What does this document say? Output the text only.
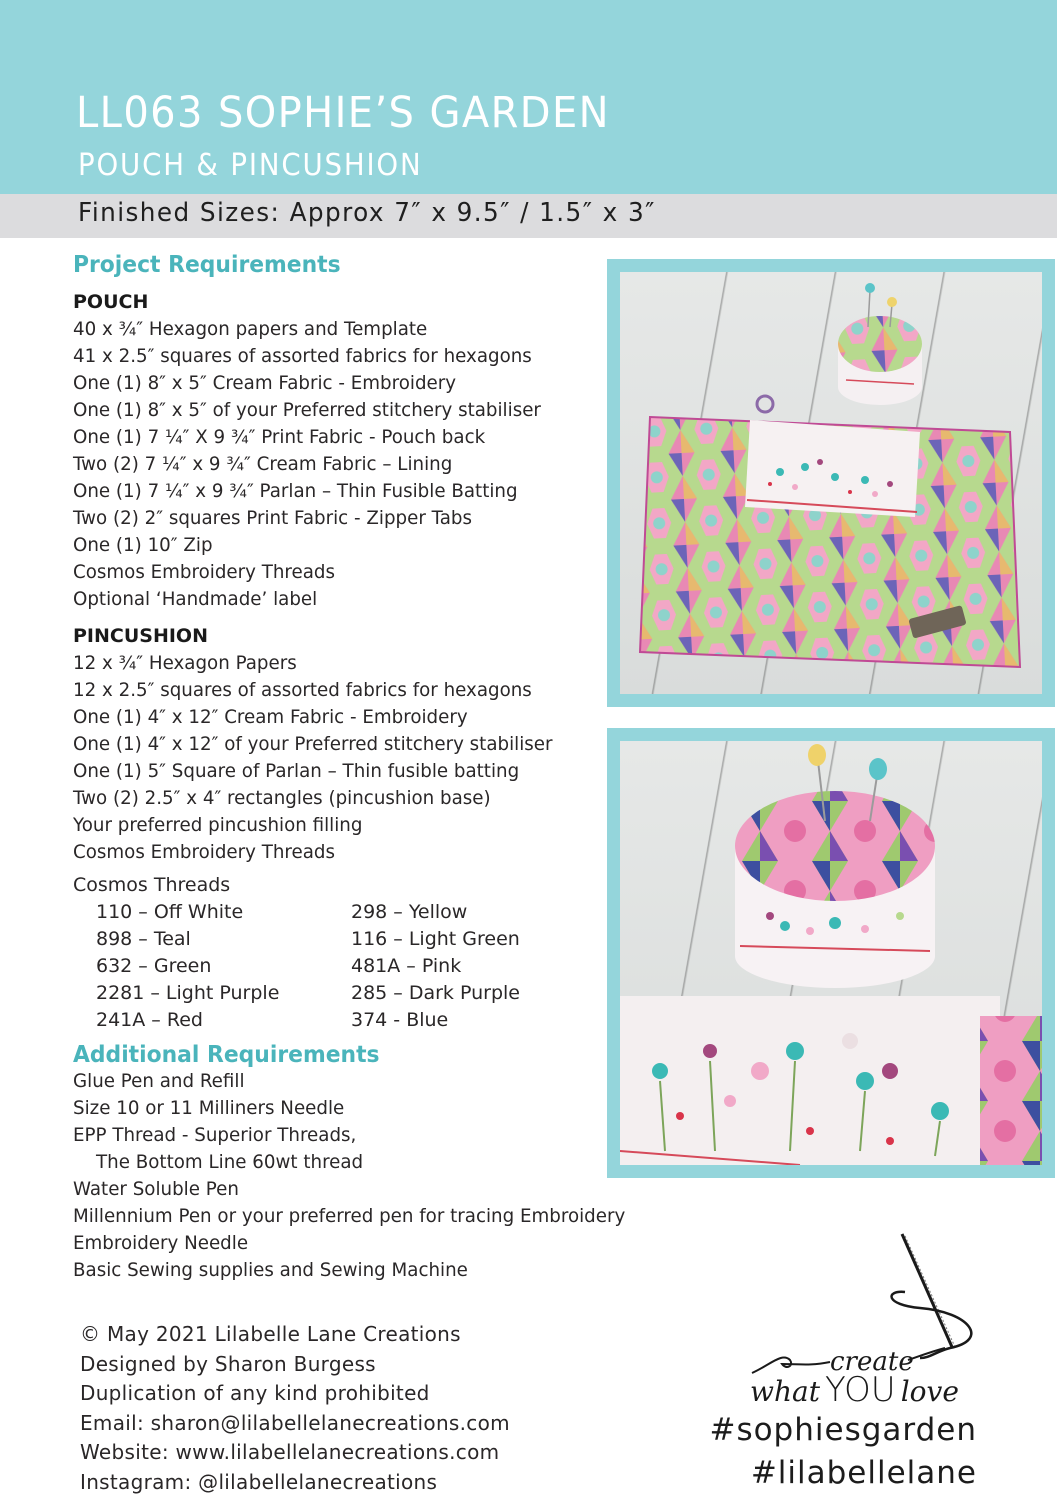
LL063 SOPHIE’S GARDEN
POUCH & PINCUSHION

Finished Sizes: Approx 7″ x 9.5″ / 1.5″ x 3″

Project Requirements
POUCH
40 x ¾″ Hexagon papers and Template
41 x 2.5″ squares of assorted fabrics for hexagons
One (1) 8″ x 5″ Cream Fabric - Embroidery
One (1) 8″ x 5″ of your Preferred stitchery stabiliser
One (1) 7 ¼″ X 9 ¾″ Print Fabric - Pouch back
Two (2) 7 ¼″ x 9 ¾″ Cream Fabric – Lining
One (1) 7 ¼″ x 9 ¾″ Parlan – Thin Fusible Batting
Two (2) 2″ squares Print Fabric - Zipper Tabs
One (1) 10″ Zip
Cosmos Embroidery Threads
Optional ‘Handmade’ label
PINCUSHION
12 x ¾″ Hexagon Papers
12 x 2.5″ squares of assorted fabrics for hexagons
One (1) 4″ x 12″ Cream Fabric - Embroidery
One (1) 4″ x 12″ of your Preferred stitchery stabiliser
One (1) 5″ Square of Parlan – Thin fusible batting
Two (2) 2.5″ x 4″ rectangles (pincushion base)
Your preferred pincushion filling
Cosmos Embroidery Threads
Cosmos Threads
110 – Off White	298 – Yellow
898 – Teal	116 – Light Green
632 – Green	481A – Pink
2281 – Light Purple	285 – Dark Purple
241A – Red	374 - Blue
Additional Requirements
Glue Pen and Refill
Size 10 or 11 Milliners Needle
EPP Thread - Superior Threads,
The Bottom Line 60wt thread
Water Soluble Pen
Millennium Pen or your preferred pen for tracing Embroidery
Embroidery Needle
Basic Sewing supplies and Sewing Machine
© May 2021 Lilabelle Lane Creations
Designed by Sharon Burgess
Duplication of any kind prohibited
Email: sharon@lilabellelanecreations.com
Website: www.lilabellelanecreations.com
Instagram: @lilabellelanecreations
create
what YOU love
#sophiesgarden
#lilabellelane
